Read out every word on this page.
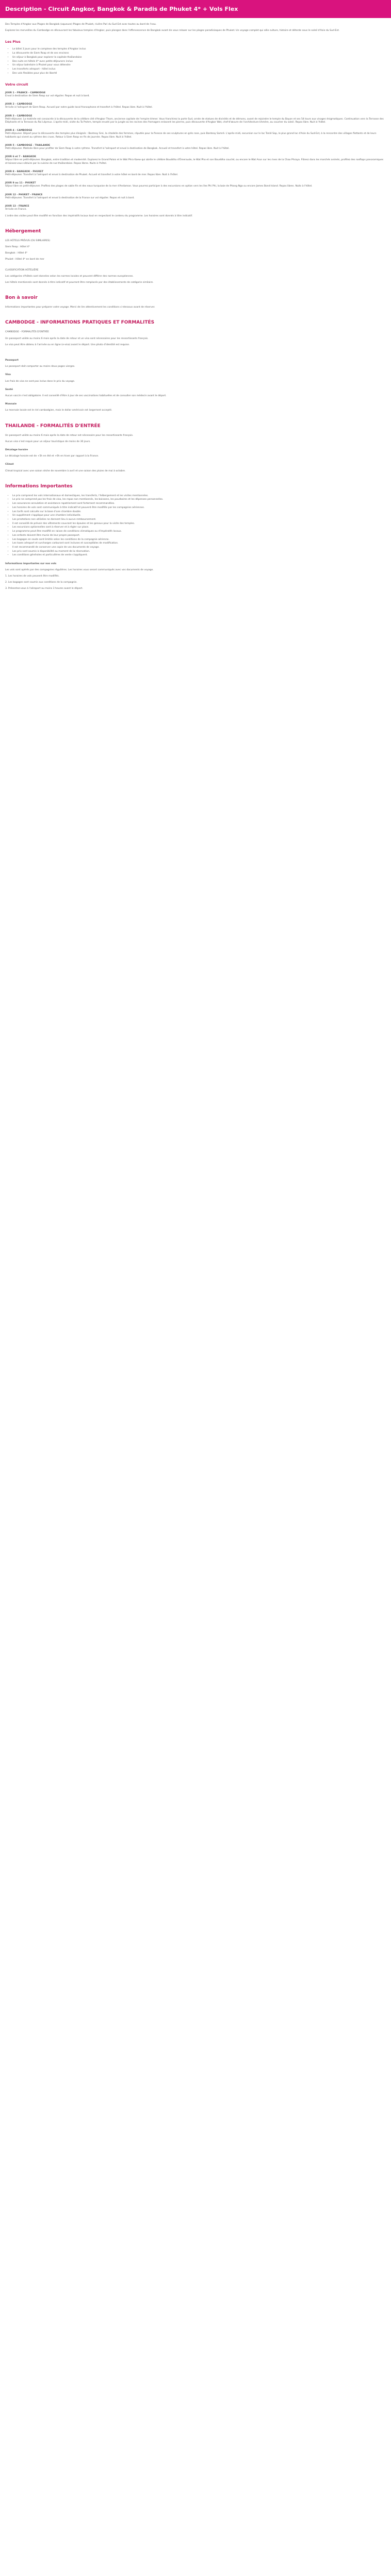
Description - Circuit Angkor, Bangkok & Paradis de Phuket 4* + Vols Flex

Des Temples d'Angkor aux Plages de Bangkok (aqueuse) Plages de Phuket, rivière Pari du Sud Est avec toutes au bord de l'eau.

Explorez les merveilles du Cambodge en découvrant les fabuleux temples d'Angkor, puis plongez dans l'effervescence de Bangkok avant de vous relaxer sur les plages paradisiaques de Phuket. Un voyage complet qui allie culture, histoire et détente sous le soleil d'Asie du Sud-Est.

Les Plus
• Le billet 3 jours pour le complexe des temples d'Angkor inclus
• La découverte de Siem Reap et de ses environs
• Un séjour à Bangkok pour explorer la capitale thaïlandaise
• Des nuits en hôtels 4* avec petits-déjeuners inclus
• Un séjour balnéaire à Phuket pour vous détendre
• Les transferts aéroport - hôtel inclus
• Des vols flexibles pour plus de liberté
Votre circuit
JOUR 1 - FRANCE - CAMBODGE

Envol à destination de Siem Reap sur vol régulier. Repas et nuit à bord.

JOUR 2 - CAMBODGE

Arrivée à l'aéroport de Siem Reap. Accueil par notre guide local francophone et transfert à l'hôtel. Repas libre. Nuit à l'hôtel.

JOUR 3 - CAMBODGE

Petit-déjeuner. La matinée est consacrée à la découverte de la célèbre cité d'Angkor Thom, ancienne capitale de l'empire khmer. Vous franchirez la porte Sud, ornée de statues de divinités et de démons, avant de rejoindre le temple du Bayon et ses 54 tours aux visages énigmatiques. Continuation vers la Terrasse des Éléphants et la Terrasse du Roi Lépreux. L'après-midi, visite du Ta Prohm, temple envahi par la jungle où les racines des fromagers enlacent les pierres, puis découverte d'Angkor Wat, chef-d'œuvre de l'architecture khmère, au coucher du soleil. Repas libre. Nuit à l'hôtel.

JOUR 4 - CAMBODGE

Petit-déjeuner. Départ pour la découverte des temples plus éloignés : Banteay Srei, la citadelle des femmes, réputée pour la finesse de ses sculptures en grès rose, puis Banteay Samré. L'après-midi, excursion sur le lac Tonlé Sap, le plus grand lac d'Asie du Sud-Est, à la rencontre des villages flottants et de leurs habitants qui vivent au rythme des crues. Retour à Siem Reap en fin de journée. Repas libre. Nuit à l'hôtel.

JOUR 5 - CAMBODGE - THAILANDE

Petit-déjeuner. Matinée libre pour profiter de Siem Reap à votre rythme. Transfert à l'aéroport et envol à destination de Bangkok. Accueil et transfert à votre hôtel. Repas libre. Nuit à l'hôtel.

JOUR 6 et 7 - BANGKOK

Séjour libre en petit-déjeuner. Bangkok, entre tradition et modernité. Explorez le Grand Palais et le Wat Phra Kaew qui abrite le célèbre Bouddha d'Émeraude, le Wat Pho et son Bouddha couché, ou encore le Wat Arun sur les rives de la Chao Phraya. Flânez dans les marchés animés, profitez des rooftops panoramiques et laissez-vous séduire par la cuisine de rue thaïlandaise. Repas libres. Nuits à l'hôtel.

JOUR 8 - BANGKOK - PHUKET

Petit-déjeuner. Transfert à l'aéroport et envol à destination de Phuket. Accueil et transfert à votre hôtel en bord de mer. Repas libre. Nuit à l'hôtel.

JOUR 9 au 11 - PHUKET

Séjour libre en petit-déjeuner. Profitez des plages de sable fin et des eaux turquoise de la mer d'Andaman. Vous pourrez participer à des excursions en option vers les îles Phi Phi, la baie de Phang Nga ou encore James Bond Island. Repas libres. Nuits à l'hôtel.

JOUR 12 - PHUKET - FRANCE

Petit-déjeuner. Transfert à l'aéroport et envol à destination de la France sur vol régulier. Repas et nuit à bord.

JOUR 13 - FRANCE

Arrivée en France.

L'ordre des visites peut être modifié en fonction des impératifs locaux tout en respectant le contenu du programme. Les horaires sont donnés à titre indicatif.

Hébergement

LES HÔTELS PRÉVUS (OU SIMILAIRES)

Siem Reap : Hôtel 4*

Bangkok : Hôtel 4*

Phuket : Hôtel 4* en bord de mer

CLASSIFICATION HÔTELIÈRE

Les catégories d'hôtels sont données selon les normes locales et peuvent différer des normes européennes.

Les hôtels mentionnés sont donnés à titre indicatif et pourront être remplacés par des établissements de catégorie similaire.

Bon à savoir

Informations importantes pour préparer votre voyage. Merci de lire attentivement les conditions ci-dessous avant de réserver.

CAMBODGE - INFORMATIONS PRATIQUES ET FORMALITÉS

CAMBODGE - FORMALITÉS D'ENTRÉE

Un passeport valide au moins 6 mois après la date de retour et un visa sont nécessaires pour les ressortissants français.

Le visa peut être obtenu à l'arrivée ou en ligne (e-visa) avant le départ. Une photo d'identité est requise.

Passeport

Le passeport doit comporter au moins deux pages vierges.

Visa

Les frais de visa ne sont pas inclus dans le prix du voyage.

Santé

Aucun vaccin n'est obligatoire. Il est conseillé d'être à jour de ses vaccinations habituelles et de consulter son médecin avant le départ.

Monnaie

La monnaie locale est le riel cambodgien, mais le dollar américain est largement accepté.

THAILANDE - FORMALITÉS D'ENTRÉE

Un passeport valide au moins 6 mois après la date de retour est nécessaire pour les ressortissants français.

Aucun visa n'est requis pour un séjour touristique de moins de 30 jours.

Décalage horaire

Le décalage horaire est de +5h en été et +6h en hiver par rapport à la France.

Climat

Climat tropical avec une saison sèche de novembre à avril et une saison des pluies de mai à octobre.

Informations Importantes
• Le prix comprend les vols internationaux et domestiques, les transferts, l'hébergement et les visites mentionnées.
• Le prix ne comprend pas les frais de visa, les repas non mentionnés, les boissons, les pourboires et les dépenses personnelles.
• Les assurances annulation et assistance rapatriement sont fortement recommandées.
• Les horaires de vols sont communiqués à titre indicatif et peuvent être modifiés par les compagnies aériennes.
• Les tarifs sont calculés sur la base d'une chambre double.
• Un supplément s'applique pour une chambre individuelle.
• Les prestations non utilisées ne donnent lieu à aucun remboursement.
• Il est conseillé de prévoir des vêtements couvrant les épaules et les genoux pour la visite des temples.
• Les excursions optionnelles sont à réserver et à régler sur place.
• Le programme peut être modifié en raison de conditions climatiques ou d'impératifs locaux.
• Les enfants doivent être munis de leur propre passeport.
• Les bagages en soute sont limités selon les conditions de la compagnie aérienne.
• Les taxes aéroport et surcharges carburant sont incluses et susceptibles de modification.
• Il est recommandé de conserver une copie de vos documents de voyage.
• Les prix sont soumis à disponibilité au moment de la réservation.
• Les conditions générales et particulières de vente s'appliquent.

Informations importantes sur nos vols

Les vols sont opérés par des compagnies régulières. Les horaires vous seront communiqués avec vos documents de voyage.

1. Les horaires de vols peuvent être modifiés.

2. Les bagages sont soumis aux conditions de la compagnie.

3. Présentez-vous à l'aéroport au moins 3 heures avant le départ.
